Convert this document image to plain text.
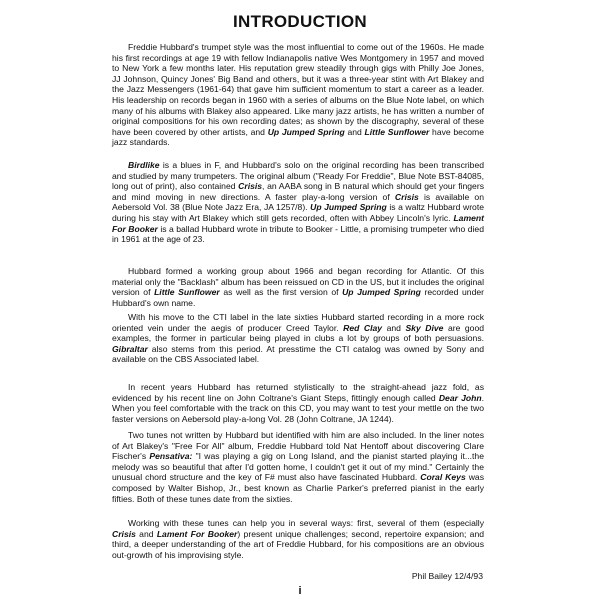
INTRODUCTION

Freddie Hubbard's trumpet style was the most influential to come out of the 1960s. He made his first recordings at age 19 with fellow Indianapolis native Wes Montgomery in 1957 and moved to New York a few months later. His reputation grew steadily through gigs with Philly Joe Jones, JJ Johnson, Quincy Jones' Big Band and others, but it was a three-year stint with Art Blakey and the Jazz Messengers (1961-64) that gave him sufficient momentum to start a career as a leader. His leadership on records began in 1960 with a series of albums on the Blue Note label, on which many of his albums with Blakey also appeared. Like many jazz artists, he has written a number of original compositions for his own recording dates; as shown by the discography, several of these have been covered by other artists, and Up Jumped Spring and Little Sunflower have become jazz standards.

Birdlike is a blues in F, and Hubbard's solo on the original recording has been transcribed and studied by many trumpeters. The original album ("Ready For Freddie", Blue Note BST-84085, long out of print), also contained Crisis, an AABA song in B natural which should get your fingers and mind moving in new directions. A faster play-a-long version of Crisis is available on Aebersold Vol. 38 (Blue Note Jazz Era, JA 1257/8). Up Jumped Spring is a waltz Hubbard wrote during his stay with Art Blakey which still gets recorded, often with Abbey Lincoln's lyric. Lament For Booker is a ballad Hubbard wrote in tribute to Booker - Little, a promising trumpeter who died in 1961 at the age of 23.

Hubbard formed a working group about 1966 and began recording for Atlantic. Of this material only the "Backlash" album has been reissued on CD in the US, but it includes the original version of Little Sunflower as well as the first version of Up Jumped Spring recorded under Hubbard's own name.

With his move to the CTI label in the late sixties Hubbard started recording in a more rock oriented vein under the aegis of producer Creed Taylor. Red Clay and Sky Dive are good examples, the former in particular being played in clubs a lot by groups of both persuasions. Gibraltar also stems from this period. At presstime the CTI catalog was owned by Sony and available on the CBS Associated label.

In recent years Hubbard has returned stylistically to the straight-ahead jazz fold, as evidenced by his recent line on John Coltrane's Giant Steps, fittingly enough called Dear John. When you feel comfortable with the track on this CD, you may want to test your mettle on the two faster versions on Aebersold play-a-long Vol. 28 (John Coltrane, JA 1244).

Two tunes not written by Hubbard but identified with him are also included. In the liner notes of Art Blakey's "Free For All" album, Freddie Hubbard told Nat Hentoff about discovering Clare Fischer's Pensativa: "I was playing a gig on Long Island, and the pianist started playing it...the melody was so beautiful that after I'd gotten home, I couldn't get it out of my mind." Certainly the unusual chord structure and the key of F# must also have fascinated Hubbard. Coral Keys was composed by Walter Bishop, Jr., best known as Charlie Parker's preferred pianist in the early fifties. Both of these tunes date from the sixties.

Working with these tunes can help you in several ways: first, several of them (especially Crisis and Lament For Booker) present unique challenges; second, repertoire expansion; and third, a deeper understanding of the art of Freddie Hubbard, for his compositions are an obvious out-growth of his improvising style.

Phil Bailey 12/4/93

i
